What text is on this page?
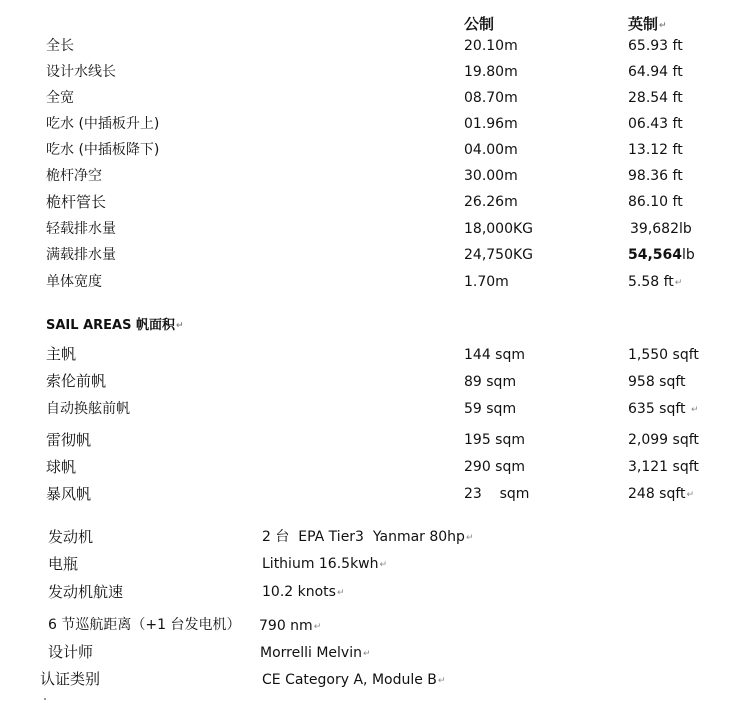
公制	英制↵
全长	20.10m	65.93 ft
设计水线长	19.80m	64.94 ft
全宽	08.70m	28.54 ft
吃水 (中插板升上)	01.96m	06.43 ft
吃水 (中插板降下)	04.00m	13.12 ft
桅杆净空	30.00m	98.36 ft
桅杆管长	26.26m	86.10 ft
轻载排水量	18,000KG	39,682lb
满载排水量	24,750KG	54,564lb
单体宽度	1.70m	5.58 ft↵
SAIL AREAS 帆面积↵
主帆	144 sqm	1,550 sqft
索伦前帆	89 sqm	958 sqft
自动换舷前帆	59 sqm	635 sqft ↵
雷彻帆	195 sqm	2,099 sqft
球帆	290 sqm	3,121 sqft
暴风帆	23    sqm	248 sqft↵
发动机	2 台  EPA Tier3  Yanmar 80hp↵
电瓶	Lithium 16.5kwh↵
发动机航速	10.2 knots↵
6 节巡航距离（+1 台发电机） 790 nm↵
设计师	Morrelli Melvin↵
认证类别	CE Category A, Module B↵
